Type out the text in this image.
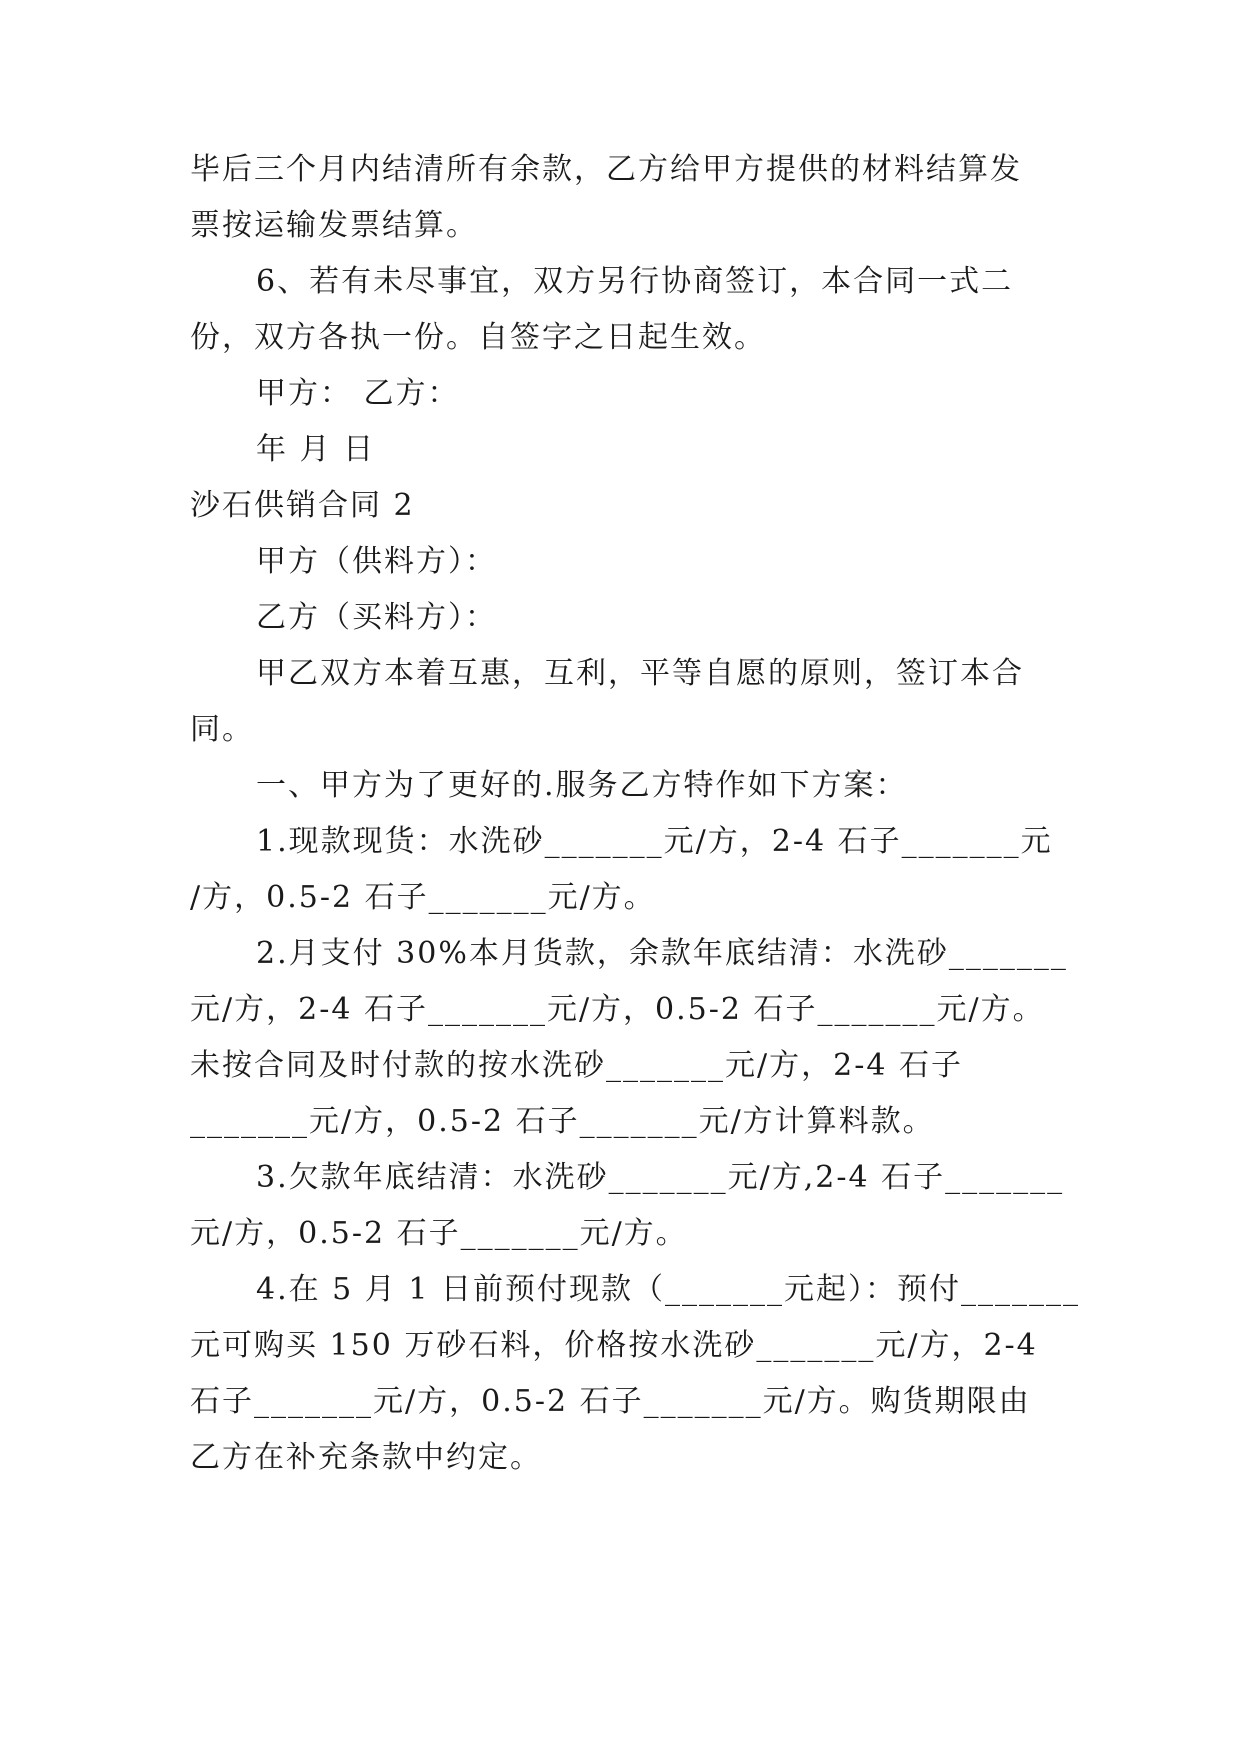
毕后三个月内结清所有余款，乙方给甲方提供的材料结算发
票按运输发票结算。
6、若有未尽事宜，双方另行协商签订，本合同一式二
份，双方各执一份。自签字之日起生效。
甲方： 乙方：
年 月 日
沙石供销合同 2
甲方（供料方）：
乙方（买料方）：
甲乙双方本着互惠，互利，平等自愿的原则，签订本合
同。
一、甲方为了更好的.服务乙方特作如下方案：
1.现款现货：水洗砂_______元/方，2-4 石子_______元
/方，0.5-2 石子_______元/方。
2.月支付 30%本月货款，余款年底结清：水洗砂_______
元/方，2-4 石子_______元/方，0.5-2 石子_______元/方。
未按合同及时付款的按水洗砂_______元/方，2-4 石子
_______元/方，0.5-2 石子_______元/方计算料款。
3.欠款年底结清：水洗砂_______元/方,2-4 石子_______
元/方，0.5-2 石子_______元/方。
4.在 5 月 1 日前预付现款（_______元起）：预付_______
元可购买 150 万砂石料，价格按水洗砂_______元/方，2-4
石子_______元/方，0.5-2 石子_______元/方。购货期限由
乙方在补充条款中约定。
